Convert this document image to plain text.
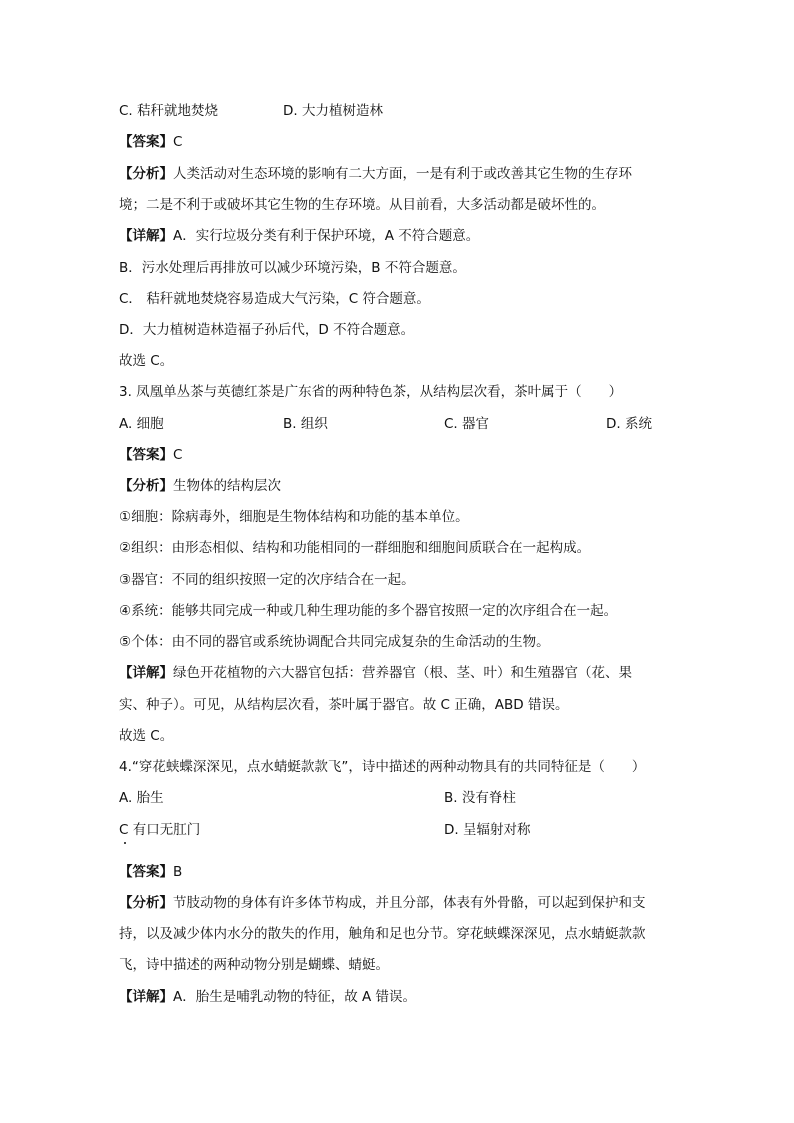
C. 秸秆就地焚烧	D. 大力植树造林
【答案】C
【分析】人类活动对生态环境的影响有二大方面，一是有利于或改善其它生物的生存环
境；二是不利于或破坏其它生物的生存环境。从目前看，大多活动都是破坏性的。
【详解】A．实行垃圾分类有利于保护环境，A 不符合题意。
B．污水处理后再排放可以减少环境污染，B 不符合题意。
C． 秸秆就地焚烧容易造成大气污染，C 符合题意。
D．大力植树造林造福子孙后代，D 不符合题意。
故选 C。
3. 凤凰单丛茶与英德红茶是广东省的两种特色茶，从结构层次看，茶叶属于（　　）
A. 细胞	B. 组织	C. 器官	D. 系统
【答案】C
【分析】生物体的结构层次
①细胞：除病毒外，细胞是生物体结构和功能的基本单位。
②组织：由形态相似、结构和功能相同的一群细胞和细胞间质联合在一起构成。
③器官：不同的组织按照一定的次序结合在一起。
④系统：能够共同完成一种或几种生理功能的多个器官按照一定的次序组合在一起。
⑤个体：由不同的器官或系统协调配合共同完成复杂的生命活动的生物。
【详解】绿色开花植物的六大器官包括：营养器官（根、茎、叶）和生殖器官（花、果
实、种子）。可见，从结构层次看，茶叶属于器官。故 C 正确，ABD 错误。
故选 C。
4.“穿花蛱蝶深深见，点水蜻蜓款款飞”，诗中描述的两种动物具有的共同特征是（　　）
A. 胎生	B. 没有脊柱
C 有口无肛门	D. 呈辐射对称
【答案】B
【分析】节肢动物的身体有许多体节构成，并且分部，体表有外骨骼，可以起到保护和支
持，以及减少体内水分的散失的作用，触角和足也分节。穿花蛱蝶深深见，点水蜻蜓款款
飞，诗中描述的两种动物分别是蝴蝶、蜻蜓。
【详解】A．胎生是哺乳动物的特征，故 A 错误。
